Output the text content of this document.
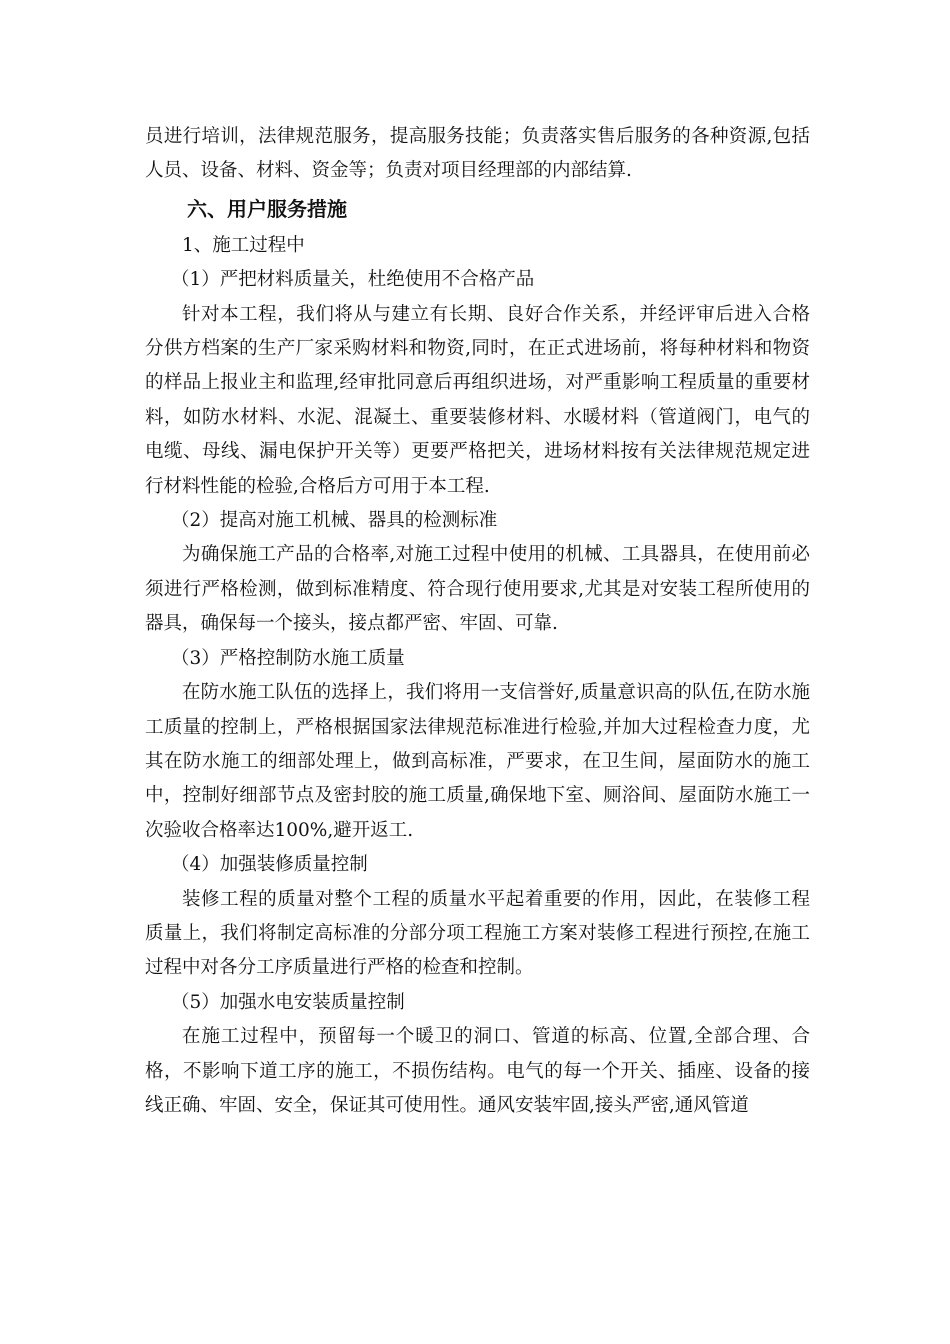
员进行培训，法律规范服务，提高服务技能；负责落实售后服务的各种资源,包括人员、设备、材料、资金等；负责对项目经理部的内部结算.

六、用户服务措施

1、施工过程中

（1）严把材料质量关，杜绝使用不合格产品

针对本工程，我们将从与建立有长期、良好合作关系，并经评审后进入合格分供方档案的生产厂家采购材料和物资,同时，在正式进场前，将每种材料和物资的样品上报业主和监理,经审批同意后再组织进场，对严重影响工程质量的重要材料，如防水材料、水泥、混凝土、重要装修材料、水暖材料（管道阀门，电气的电缆、母线、漏电保护开关等）更要严格把关，进场材料按有关法律规范规定进行材料性能的检验,合格后方可用于本工程.

（2）提高对施工机械、器具的检测标准

为确保施工产品的合格率,对施工过程中使用的机械、工具器具，在使用前必须进行严格检测，做到标准精度、符合现行使用要求,尤其是对安装工程所使用的器具，确保每一个接头，接点都严密、牢固、可靠.

（3）严格控制防水施工质量

在防水施工队伍的选择上，我们将用一支信誉好,质量意识高的队伍,在防水施工质量的控制上，严格根据国家法律规范标准进行检验,并加大过程检查力度，尤其在防水施工的细部处理上，做到高标准，严要求，在卫生间，屋面防水的施工中，控制好细部节点及密封胶的施工质量,确保地下室、厕浴间、屋面防水施工一次验收合格率达100%,避开返工.

（4）加强装修质量控制

装修工程的质量对整个工程的质量水平起着重要的作用，因此，在装修工程质量上，我们将制定高标准的分部分项工程施工方案对装修工程进行预控,在施工过程中对各分工序质量进行严格的检查和控制。

（5）加强水电安装质量控制

在施工过程中，预留每一个暖卫的洞口、管道的标高、位置,全部合理、合格，不影响下道工序的施工，不损伤结构。电气的每一个开关、插座、设备的接线正确、牢固、安全，保证其可使用性。通风安装牢固,接头严密,通风管道
